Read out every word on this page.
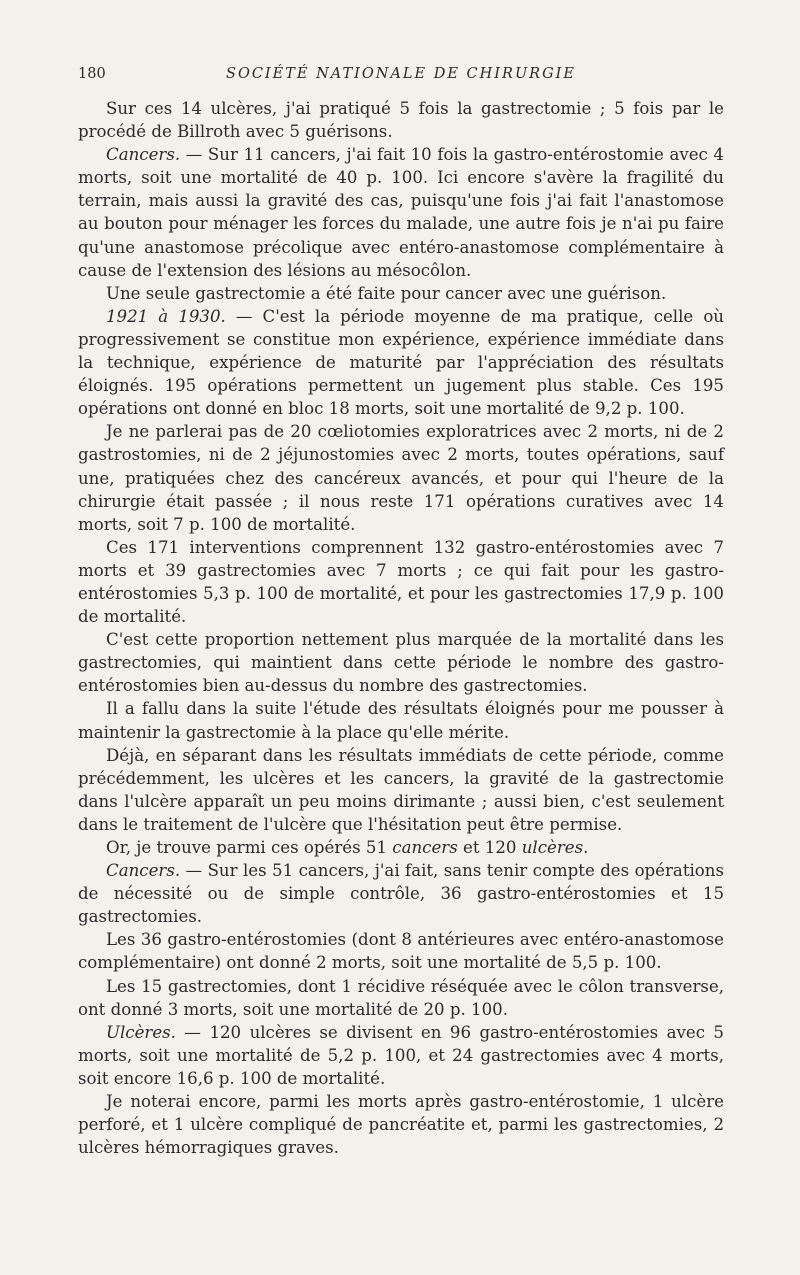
180	SOCIÉTÉ NATIONALE DE CHIRURGIE

Sur ces 14 ulcères, j'ai pratiqué 5 fois la gastrectomie ; 5 fois par le procédé de Billroth avec 5 guérisons.

Cancers. — Sur 11 cancers, j'ai fait 10 fois la gastro-entérostomie avec 4 morts, soit une mortalité de 40 p. 100. Ici encore s'avère la fragilité du terrain, mais aussi la gravité des cas, puisqu'une fois j'ai fait l'anastomose au bouton pour ménager les forces du malade, une autre fois je n'ai pu faire qu'une anastomose précolique avec entéro-anastomose complémentaire à cause de l'extension des lésions au mésocôlon.

Une seule gastrectomie a été faite pour cancer avec une guérison.

1921 à 1930. — C'est la période moyenne de ma pratique, celle où progressivement se constitue mon expérience, expérience immédiate dans la technique, expérience de maturité par l'appréciation des résultats éloignés. 195 opérations permettent un jugement plus stable. Ces 195 opérations ont donné en bloc 18 morts, soit une mortalité de 9,2 p. 100.

Je ne parlerai pas de 20 cœliotomies exploratrices avec 2 morts, ni de 2 gastrostomies, ni de 2 jéjunostomies avec 2 morts, toutes opérations, sauf une, pratiquées chez des cancéreux avancés, et pour qui l'heure de la chirurgie était passée ; il nous reste 171 opérations curatives avec 14 morts, soit 7 p. 100 de mortalité.

Ces 171 interventions comprennent 132 gastro-entérostomies avec 7 morts et 39 gastrectomies avec 7 morts ; ce qui fait pour les gastro-entérostomies 5,3 p. 100 de mortalité, et pour les gastrectomies 17,9 p. 100 de mortalité.

C'est cette proportion nettement plus marquée de la mortalité dans les gastrectomies, qui maintient dans cette période le nombre des gastro-entérostomies bien au-dessus du nombre des gastrectomies.

Il a fallu dans la suite l'étude des résultats éloignés pour me pousser à maintenir la gastrectomie à la place qu'elle mérite.

Déjà, en séparant dans les résultats immédiats de cette période, comme précédemment, les ulcères et les cancers, la gravité de la gastrectomie dans l'ulcère apparaît un peu moins dirimante ; aussi bien, c'est seulement dans le traitement de l'ulcère que l'hésitation peut être permise.

Or, je trouve parmi ces opérés 51 cancers et 120 ulcères.

Cancers. — Sur les 51 cancers, j'ai fait, sans tenir compte des opérations de nécessité ou de simple contrôle, 36 gastro-entérostomies et 15 gastrectomies.

Les 36 gastro-entérostomies (dont 8 antérieures avec entéro-anastomose complémentaire) ont donné 2 morts, soit une mortalité de 5,5 p. 100.

Les 15 gastrectomies, dont 1 récidive réséquée avec le côlon transverse, ont donné 3 morts, soit une mortalité de 20 p. 100.

Ulcères. — 120 ulcères se divisent en 96 gastro-entérostomies avec 5 morts, soit une mortalité de 5,2 p. 100, et 24 gastrectomies avec 4 morts, soit encore 16,6 p. 100 de mortalité.

Je noterai encore, parmi les morts après gastro-entérostomie, 1 ulcère perforé, et 1 ulcère compliqué de pancréatite et, parmi les gastrectomies, 2 ulcères hémorragiques graves.
